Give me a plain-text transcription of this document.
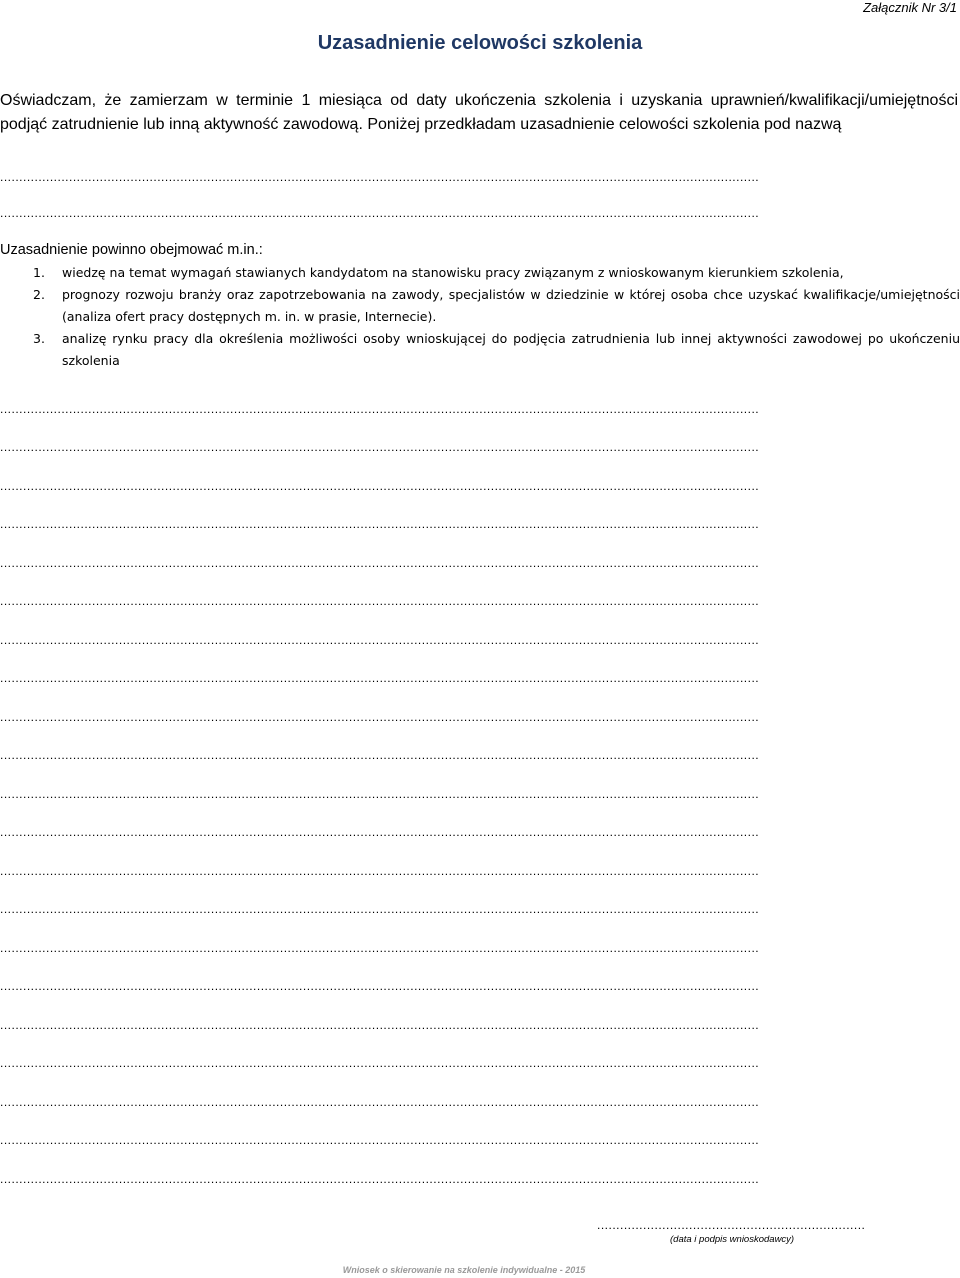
Załącznik Nr 3/1
Uzasadnienie celowości szkolenia

Oświadczam, że zamierzam w terminie 1 miesiąca od daty ukończenia szkolenia i uzyskania uprawnień/kwalifikacji/umiejętności podjąć zatrudnienie lub inną aktywność zawodową. Poniżej przedkładam uzasadnienie celowości szkolenia pod nazwą

......................................................................................................................................................................................................
......................................................................................................................................................................................................
Uzasadnienie powinno obejmować m.in.:
1. wiedzę na temat wymagań stawianych kandydatom na stanowisku pracy związanym z wnioskowanym kierunkiem szkolenia,
2. prognozy rozwoju branży oraz zapotrzebowania na zawody, specjalistów w dziedzinie w której osoba chce uzyskać kwalifikacje/umiejętności (analiza ofert pracy dostępnych m. in. w prasie, Internecie).
3. analizę rynku pracy dla określenia możliwości osoby wnioskującej do podjęcia zatrudnienia lub innej aktywności zawodowej po ukończeniu szkolenia
......................................................................................................................................................................................................
......................................................................................................................................................................................................
......................................................................................................................................................................................................
......................................................................................................................................................................................................
......................................................................................................................................................................................................
......................................................................................................................................................................................................
......................................................................................................................................................................................................
......................................................................................................................................................................................................
......................................................................................................................................................................................................
......................................................................................................................................................................................................
......................................................................................................................................................................................................
......................................................................................................................................................................................................
......................................................................................................................................................................................................
......................................................................................................................................................................................................
......................................................................................................................................................................................................
......................................................................................................................................................................................................
......................................................................................................................................................................................................
......................................................................................................................................................................................................
......................................................................................................................................................................................................
......................................................................................................................................................................................................
......................................................................................................................................................................................................
......................................................................
(data i podpis wnioskodawcy)
Wniosek o skierowanie na szkolenie indywidualne - 2015
